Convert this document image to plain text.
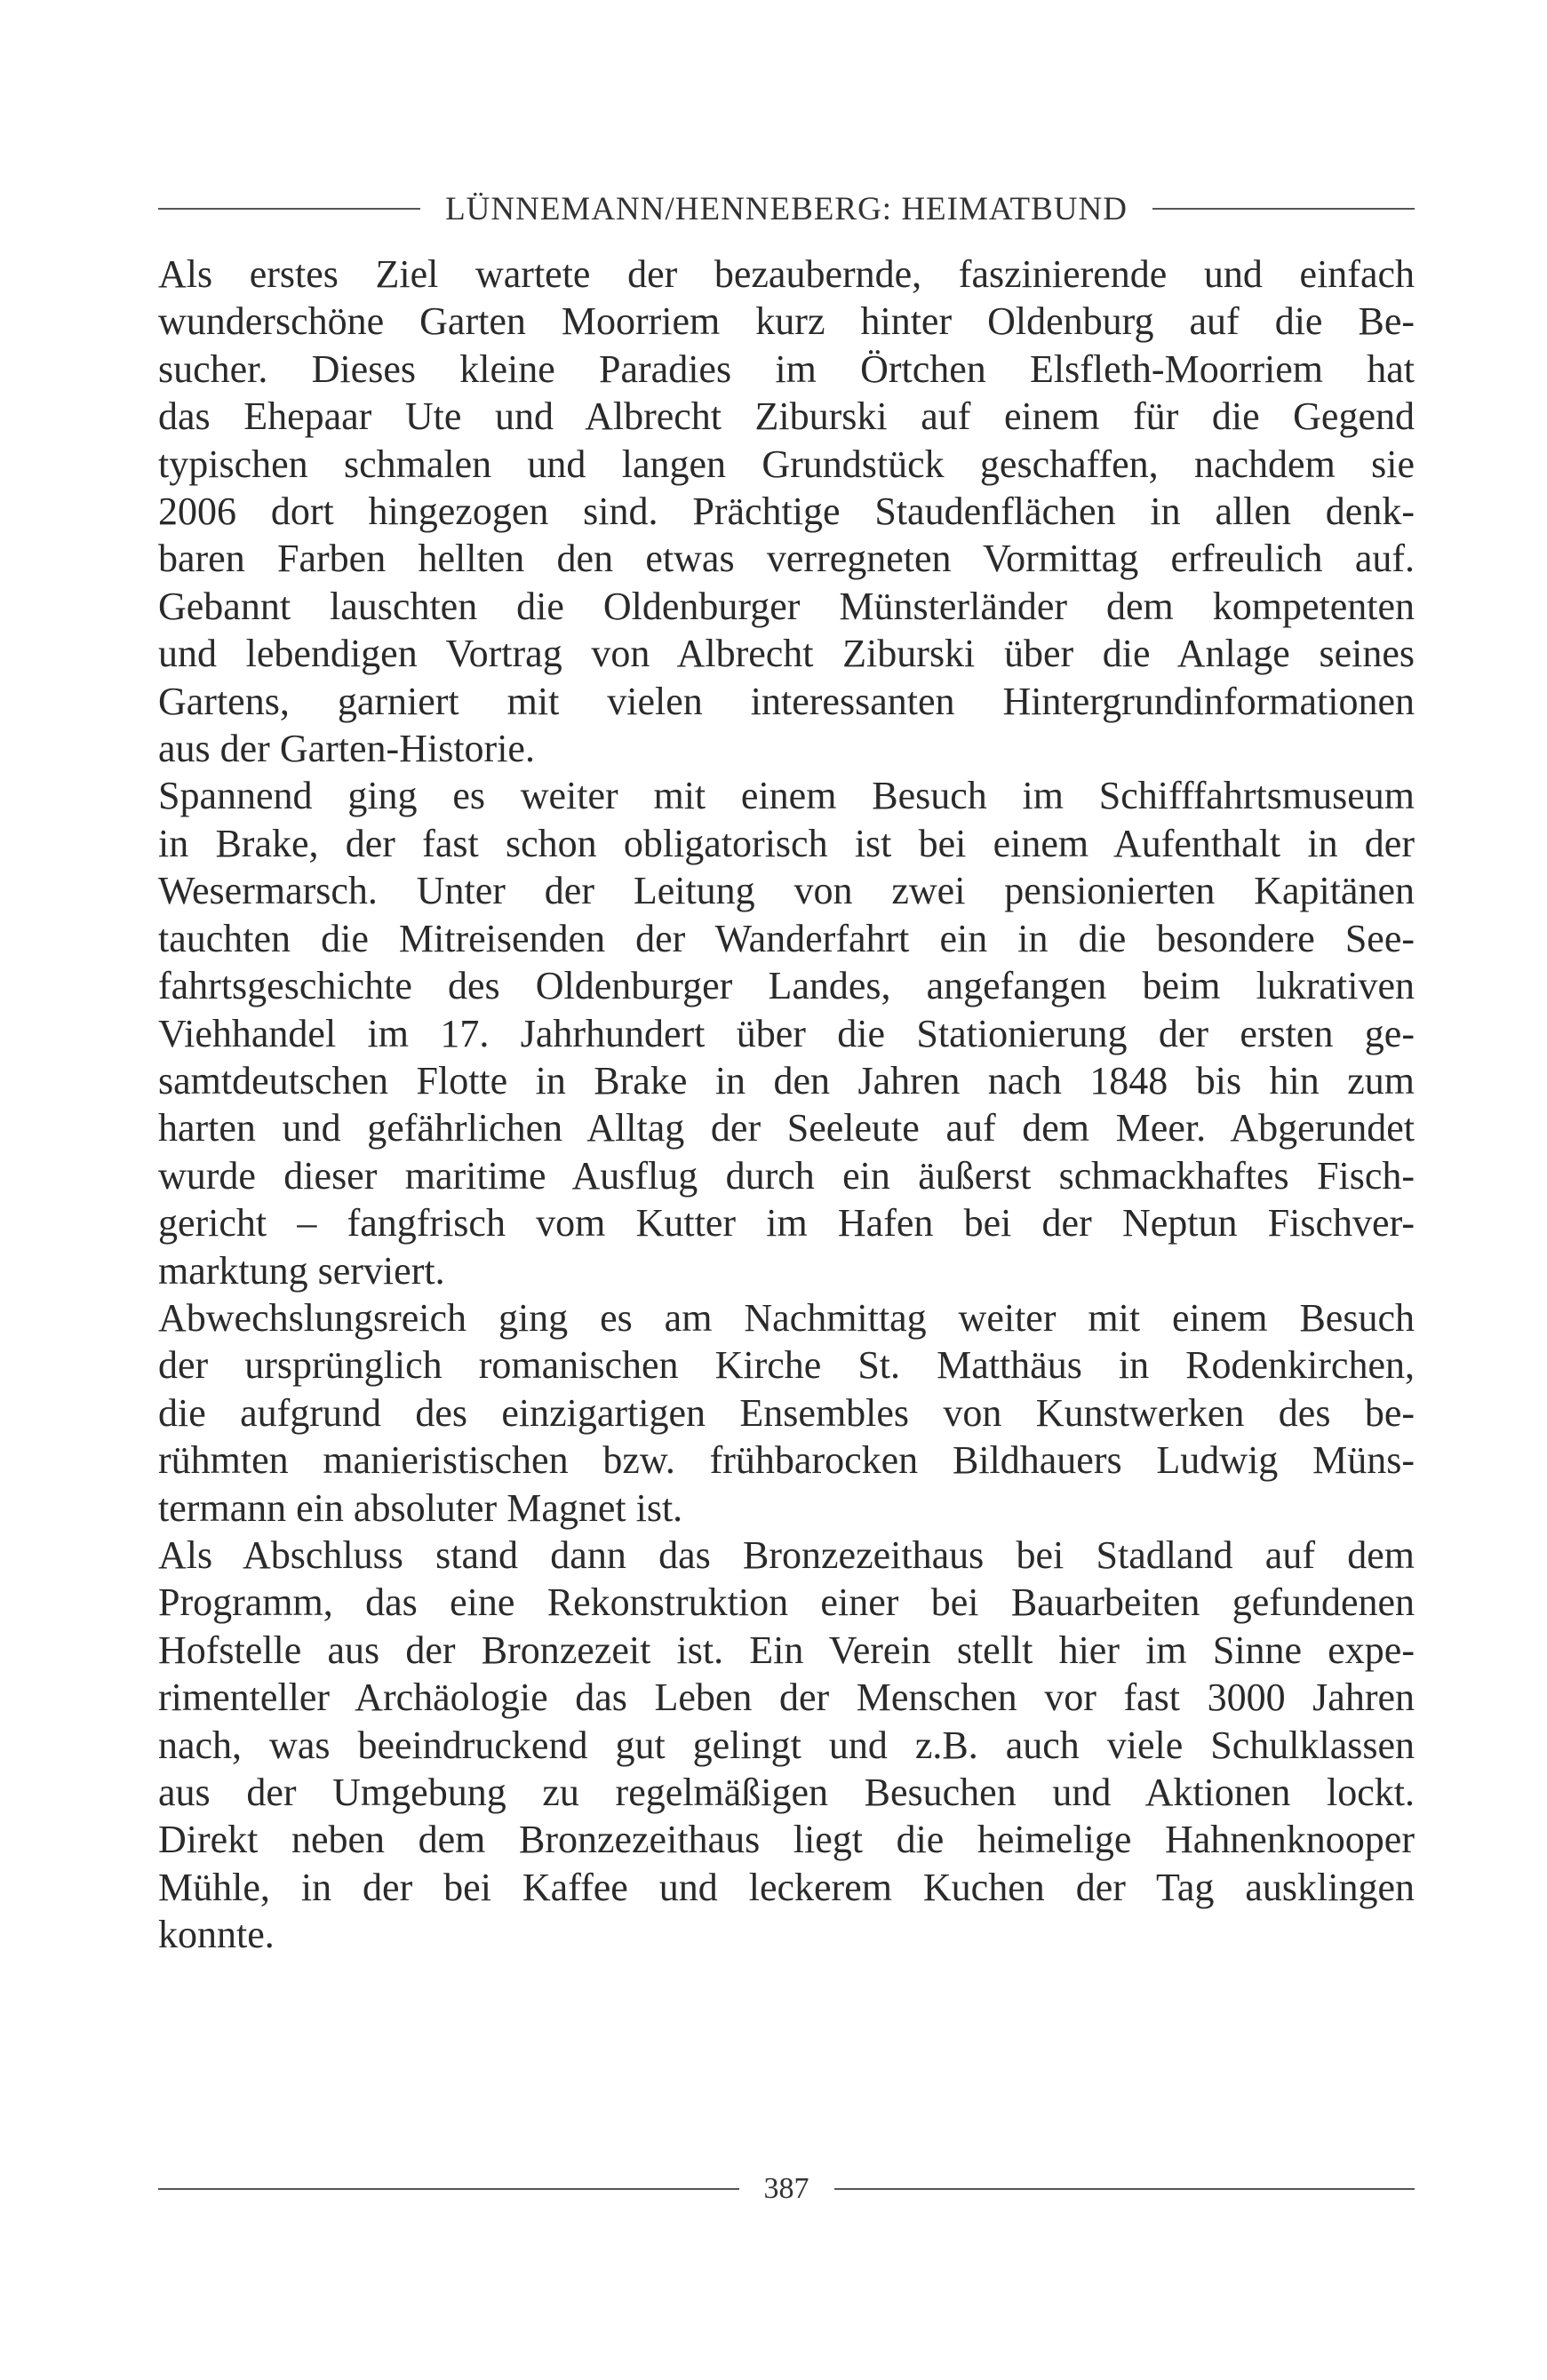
LÜNNEMANN/HENNEBERG: HEIMATBUND

Als erstes Ziel wartete der bezaubernde, faszinierende und einfach

wunderschöne Garten Moorriem kurz hinter Oldenburg auf die Be-

sucher. Dieses kleine Paradies im Örtchen Elsfleth-Moorriem hat

das Ehepaar Ute und Albrecht Ziburski auf einem für die Gegend

typischen schmalen und langen Grundstück geschaffen, nachdem sie

2006 dort hingezogen sind. Prächtige Staudenflächen in allen denk-

baren Farben hellten den etwas verregneten Vormittag erfreulich auf.

Gebannt lauschten die Oldenburger Münsterländer dem kompetenten

und lebendigen Vortrag von Albrecht Ziburski über die Anlage seines

Gartens, garniert mit vielen interessanten Hintergrundinformationen

aus der Garten-Historie.

Spannend ging es weiter mit einem Besuch im Schifffahrtsmuseum

in Brake, der fast schon obligatorisch ist bei einem Aufenthalt in der

Wesermarsch. Unter der Leitung von zwei pensionierten Kapitänen

tauchten die Mitreisenden der Wanderfahrt ein in die besondere See-

fahrtsgeschichte des Oldenburger Landes, angefangen beim lukrativen

Viehhandel im 17. Jahrhundert über die Stationierung der ersten ge-

samtdeutschen Flotte in Brake in den Jahren nach 1848 bis hin zum

harten und gefährlichen Alltag der Seeleute auf dem Meer. Abgerundet

wurde dieser maritime Ausflug durch ein äußerst schmackhaftes Fisch-

gericht – fangfrisch vom Kutter im Hafen bei der Neptun Fischver-

marktung serviert.

Abwechslungsreich ging es am Nachmittag weiter mit einem Besuch

der ursprünglich romanischen Kirche St. Matthäus in Rodenkirchen,

die aufgrund des einzigartigen Ensembles von Kunstwerken des be-

rühmten manieristischen bzw. frühbarocken Bildhauers Ludwig Müns-

termann ein absoluter Magnet ist.

Als Abschluss stand dann das Bronzezeithaus bei Stadland auf dem

Programm, das eine Rekonstruktion einer bei Bauarbeiten gefundenen

Hofstelle aus der Bronzezeit ist. Ein Verein stellt hier im Sinne expe-

rimenteller Archäologie das Leben der Menschen vor fast 3000 Jahren

nach, was beeindruckend gut gelingt und z.B. auch viele Schulklassen

aus der Umgebung zu regelmäßigen Besuchen und Aktionen lockt.

Direkt neben dem Bronzezeithaus liegt die heimelige Hahnenknooper

Mühle, in der bei Kaffee und leckerem Kuchen der Tag ausklingen

konnte.

387
